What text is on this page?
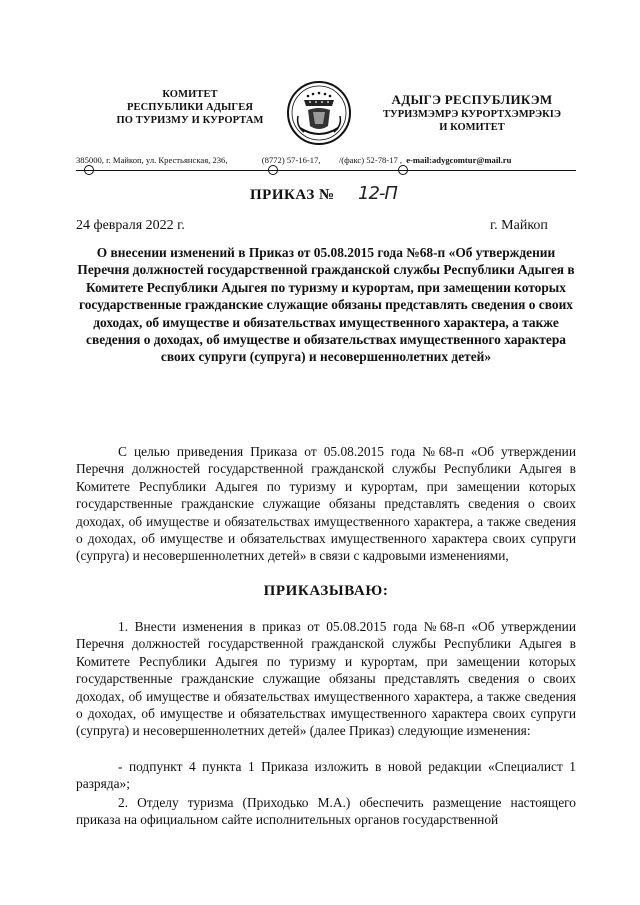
КОМИТЕТ
РЕСПУБЛИКИ АДЫГЕЯ
ПО ТУРИЗМУ И КУРОРТАМ
АДЫГЭ РЕСПУБЛИКЭМ
ТУРИЗМЭМРЭ КУРОРТХЭМРЭКІЭ
И КОМИТЕТ
385000, г. Майкоп, ул. Крестьянская, 236,	(8772) 57-16-17, /(факс) 52-78-17 , e-mail:adygcomtur@mail.ru
ПРИКАЗ № 12-П
24 февраля 2022 г.	г. Майкоп
О внесении изменений в Приказ от 05.08.2015 года №68-п «Об утверждении Перечня должностей государственной гражданской службы Республики Адыгея в Комитете Республики Адыгея по туризму и курортам, при замещении которых государственные гражданские служащие обязаны представлять сведения о своих доходах, об имуществе и обязательствах имущественного характера, а также сведения о доходах, об имуществе и обязательствах имущественного характера своих супруги (супруга) и несовершеннолетних детей»
С целью приведения Приказа от 05.08.2015 года №68-п «Об утверждении Перечня должностей государственной гражданской службы Республики Адыгея в Комитете Республики Адыгея по туризму и курортам, при замещении которых государственные гражданские служащие обязаны представлять сведения о своих доходах, об имуществе и обязательствах имущественного характера, а также сведения о доходах, об имуществе и обязательствах имущественного характера своих супруги (супруга) и несовершеннолетних детей» в связи с кадровыми изменениями,
ПРИКАЗЫВАЮ:
1. Внести изменения в приказ от 05.08.2015 года №68-п «Об утверждении Перечня должностей государственной гражданской службы Республики Адыгея в Комитете Республики Адыгея по туризму и курортам, при замещении которых государственные гражданские служащие обязаны представлять сведения о своих доходах, об имуществе и обязательствах имущественного характера, а также сведения о доходах, об имуществе и обязательствах имущественного характера своих супруги (супруга) и несовершеннолетних детей» (далее Приказ) следующие изменения:
- подпункт 4 пункта 1 Приказа изложить в новой редакции «Специалист 1 разряда»;
2. Отделу туризма (Приходько М.А.) обеспечить размещение настоящего приказа на официальном сайте исполнительных органов государственной
